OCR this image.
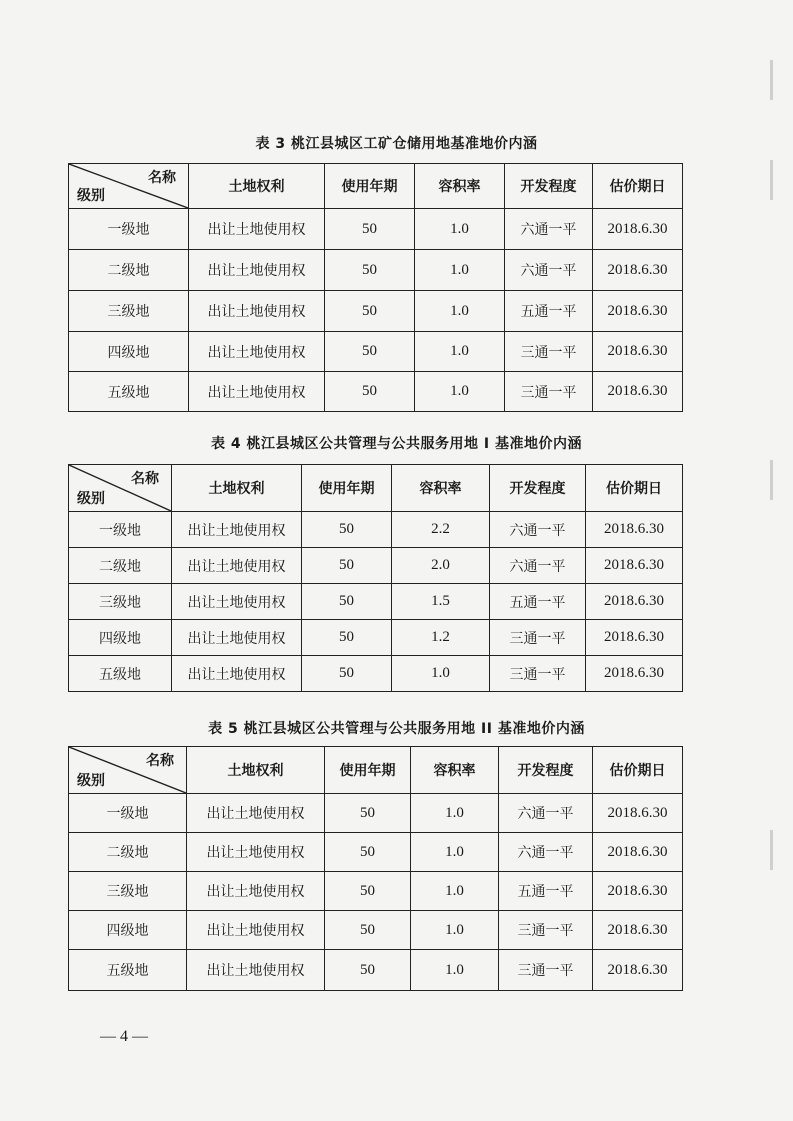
表 3 桃江县城区工矿仓储用地基准地价内涵
名称
级别	土地权利	使用年期	容积率	开发程度	估价期日
一级地	出让土地使用权	50	1.0	六通一平	2018.6.30
二级地	出让土地使用权	50	1.0	六通一平	2018.6.30
三级地	出让土地使用权	50	1.0	五通一平	2018.6.30
四级地	出让土地使用权	50	1.0	三通一平	2018.6.30
五级地	出让土地使用权	50	1.0	三通一平	2018.6.30
表 4 桃江县城区公共管理与公共服务用地 I 基准地价内涵
名称
级别	土地权利	使用年期	容积率	开发程度	估价期日
一级地	出让土地使用权	50	2.2	六通一平	2018.6.30
二级地	出让土地使用权	50	2.0	六通一平	2018.6.30
三级地	出让土地使用权	50	1.5	五通一平	2018.6.30
四级地	出让土地使用权	50	1.2	三通一平	2018.6.30
五级地	出让土地使用权	50	1.0	三通一平	2018.6.30
表 5 桃江县城区公共管理与公共服务用地 II 基准地价内涵
名称
级别	土地权利	使用年期	容积率	开发程度	估价期日
一级地	出让土地使用权	50	1.0	六通一平	2018.6.30
二级地	出让土地使用权	50	1.0	六通一平	2018.6.30
三级地	出让土地使用权	50	1.0	五通一平	2018.6.30
四级地	出让土地使用权	50	1.0	三通一平	2018.6.30
五级地	出让土地使用权	50	1.0	三通一平	2018.6.30
— 4 —
